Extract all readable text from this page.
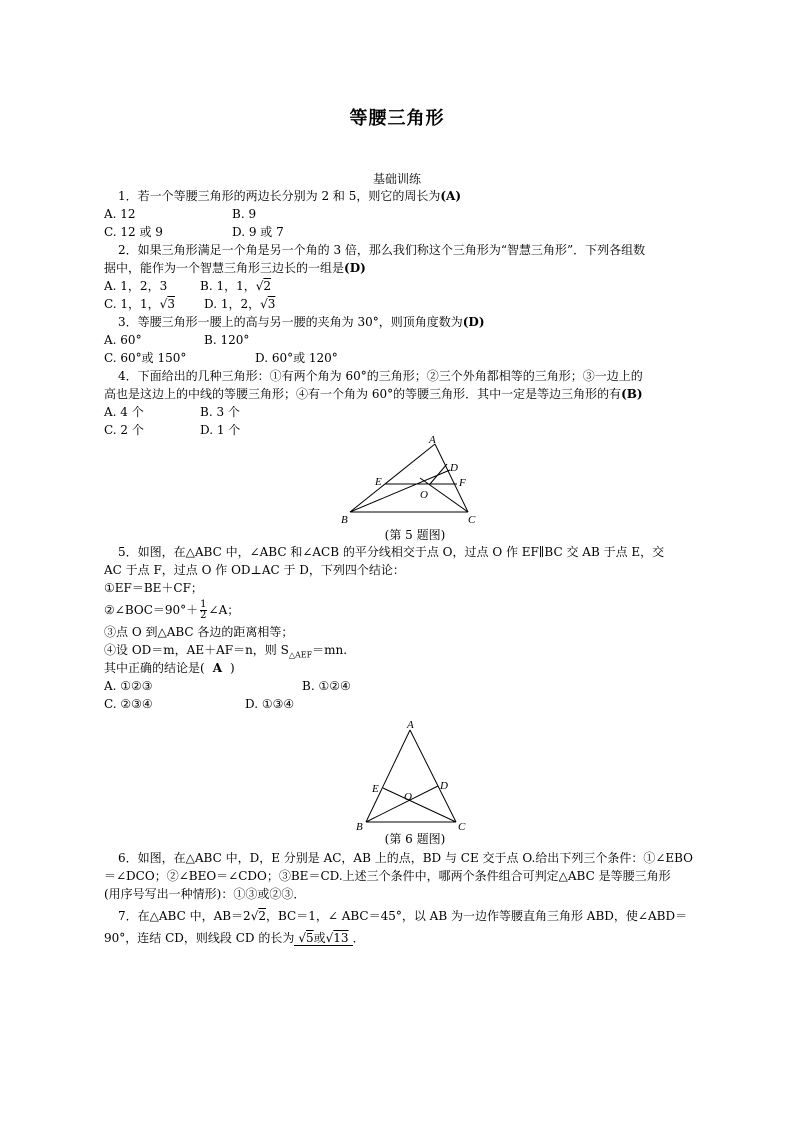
等腰三角形
基础训练
1．若一个等腰三角形的两边长分别为 2 和 5，则它的周长为(A)
A. 12	B. 9
C. 12 或 9	D. 9 或 7
2．如果三角形满足一个角是另一个角的 3 倍，那么我们称这个三角形为“智慧三角形”．下列各组数
据中，能作为一个智慧三角形三边长的一组是(D)
A. 1，2，3	B. 1，1，√2
C. 1，1，√3 D. 1，2，√3
3．等腰三角形一腰上的高与另一腰的夹角为 30°，则顶角度数为(D)
A. 60°	B. 120°
C. 60°或 150°	D. 60°或 120°
4．下面给出的几种三角形：①有两个角为 60°的三角形；②三个外角都相等的三角形；③一边上的
高也是这边上的中线的等腰三角形；④有一个角为 60°的等腰三角形．其中一定是等边三角形的有(B)
A. 4 个	B. 3 个
C. 2 个	D. 1 个
A
B	C
D
E	F
O
(第 5 题图)
5．如图，在△ABC 中，∠ABC 和∠ACB 的平分线相交于点 O，过点 O 作 EF∥BC 交 AB 于点 E，交
AC 于点 F，过点 O 作 OD⊥AC 于 D，下列四个结论：
①EF＝BE＋CF；
②∠BOC＝90°＋ $\frac{1}{2}$ ∠A；
③点 O 到△ABC 各边的距离相等；
④设 OD＝m，AE＋AF＝n，则 $S_{\triangle AEF}=mn$.
其中正确的结论是( A )
A. ①②③	B. ①②④
C. ②③④	D. ①③④
A
B	C
D
E
O
(第 6 题图)
6．如图，在△ABC 中，D，E 分别是 AC，AB 上的点，BD 与 CE 交于点 O.给出下列三个条件：①∠EBO
＝∠DCO；②∠BEO＝∠CDO；③BE＝CD.上述三个条件中，哪两个条件组合可判定△ABC 是等腰三角形
(用序号写出一种情形)：①③或②③．
7．在△ABC 中，AB＝2√2，BC＝1，∠ ABC＝45°，以 AB 为一边作等腰直角三角形 ABD，使∠ABD＝
90°，连结 CD，则线段 CD 的长为 √5或√13 ．
